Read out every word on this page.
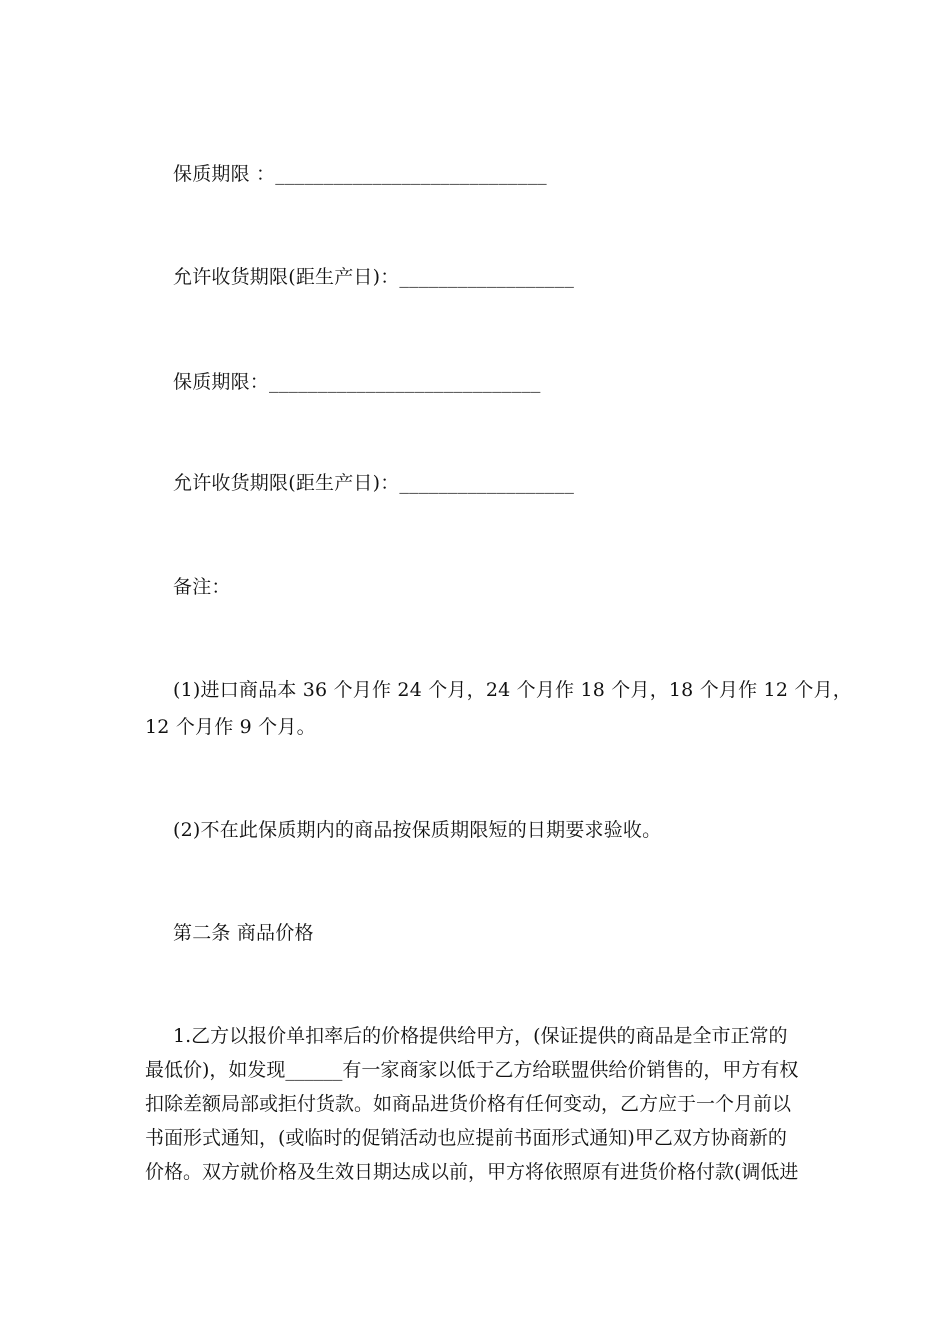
保质期限 ：____________________________
允许收货期限(距生产日)：__________________
保质期限：____________________________
允许收货期限(距生产日)：__________________
备注：
(1)进口商品本 36 个月作 24 个月，24 个月作 18 个月，18 个月作 12 个月，
12 个月作 9 个月。
(2)不在此保质期内的商品按保质期限短的日期要求验收。
第二条 商品价格
1.乙方以报价单扣率后的价格提供给甲方，(保证提供的商品是全市正常的
最低价)，如发现______有一家商家以低于乙方给联盟供给价销售的，甲方有权
扣除差额局部或拒付货款。如商品进货价格有任何变动，乙方应于一个月前以
书面形式通知，(或临时的促销活动也应提前书面形式通知)甲乙双方协商新的
价格。双方就价格及生效日期达成以前，甲方将依照原有进货价格付款(调低进
